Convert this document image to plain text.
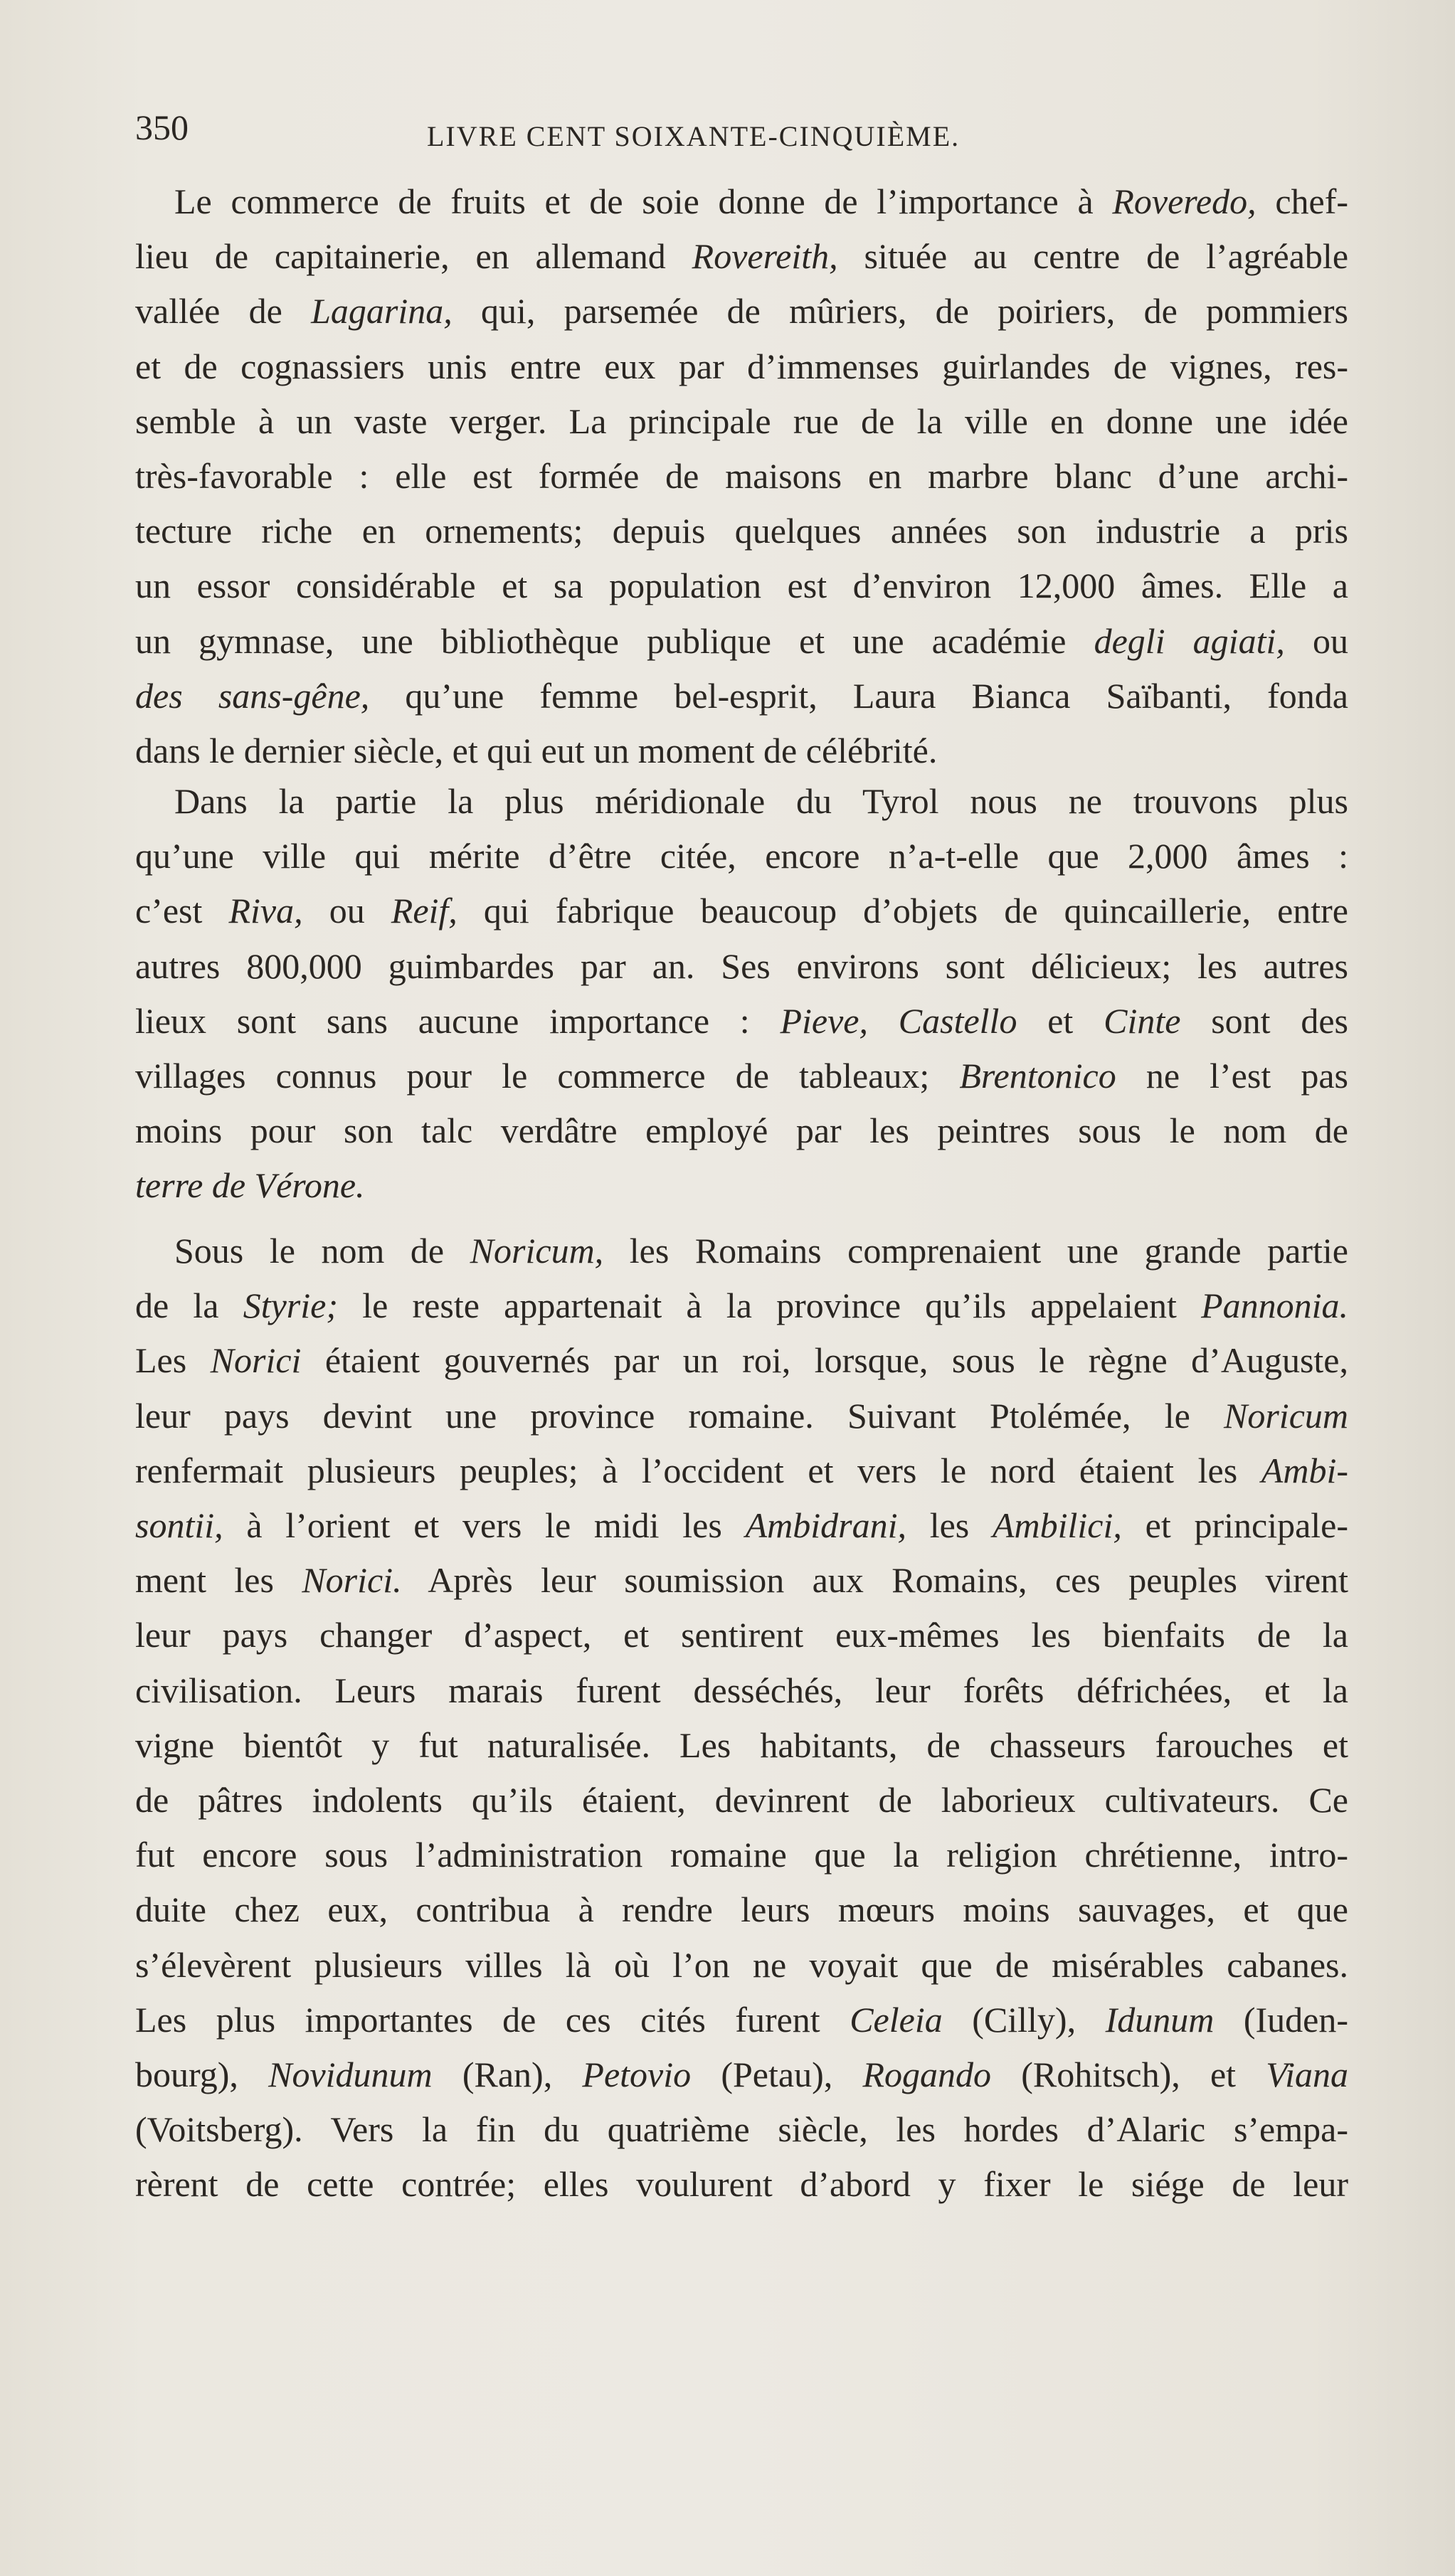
350	LIVRE CENT SOIXANTE-CINQUIÈME.
Le commerce de fruits et de soie donne de l’importance à Roveredo, chef-
lieu de capitainerie, en allemand Rovereith, située au centre de l’agréable
vallée de Lagarina, qui, parsemée de mûriers, de poiriers, de pommiers
et de cognassiers unis entre eux par d’immenses guirlandes de vignes, res-
semble à un vaste verger. La principale rue de la ville en donne une idée
très-favorable : elle est formée de maisons en marbre blanc d’une archi-
tecture riche en ornements; depuis quelques années son industrie a pris
un essor considérable et sa population est d’environ 12,000 âmes. Elle a
un gymnase, une bibliothèque publique et une académie degli agiati, ou
des sans-gêne, qu’une femme bel-esprit, Laura Bianca Saïbanti, fonda
dans le dernier siècle, et qui eut un moment de célébrité.
Dans la partie la plus méridionale du Tyrol nous ne trouvons plus
qu’une ville qui mérite d’être citée, encore n’a-t-elle que 2,000 âmes :
c’est Riva, ou Reif, qui fabrique beaucoup d’objets de quincaillerie, entre
autres 800,000 guimbardes par an. Ses environs sont délicieux; les autres
lieux sont sans aucune importance : Pieve, Castello et Cinte sont des
villages connus pour le commerce de tableaux; Brentonico ne l’est pas
moins pour son talc verdâtre employé par les peintres sous le nom de
terre de Vérone.
Sous le nom de Noricum, les Romains comprenaient une grande partie
de la Styrie; le reste appartenait à la province qu’ils appelaient Pannonia.
Les Norici étaient gouvernés par un roi, lorsque, sous le règne d’Auguste,
leur pays devint une province romaine. Suivant Ptolémée, le Noricum
renfermait plusieurs peuples; à l’occident et vers le nord étaient les Ambi-
sontii, à l’orient et vers le midi les Ambidrani, les Ambilici, et principale-
ment les Norici. Après leur soumission aux Romains, ces peuples virent
leur pays changer d’aspect, et sentirent eux-mêmes les bienfaits de la
civilisation. Leurs marais furent desséchés, leur forêts défrichées, et la
vigne bientôt y fut naturalisée. Les habitants, de chasseurs farouches et
de pâtres indolents qu’ils étaient, devinrent de laborieux cultivateurs. Ce
fut encore sous l’administration romaine que la religion chrétienne, intro-
duite chez eux, contribua à rendre leurs mœurs moins sauvages, et que
s’élevèrent plusieurs villes là où l’on ne voyait que de misérables cabanes.
Les plus importantes de ces cités furent Celeia (Cilly), Idunum (Iuden-
bourg), Novidunum (Ran), Petovio (Petau), Rogando (Rohitsch), et Viana
(Voitsberg). Vers la fin du quatrième siècle, les hordes d’Alaric s’empa-
rèrent de cette contrée; elles voulurent d’abord y fixer le siége de leur
